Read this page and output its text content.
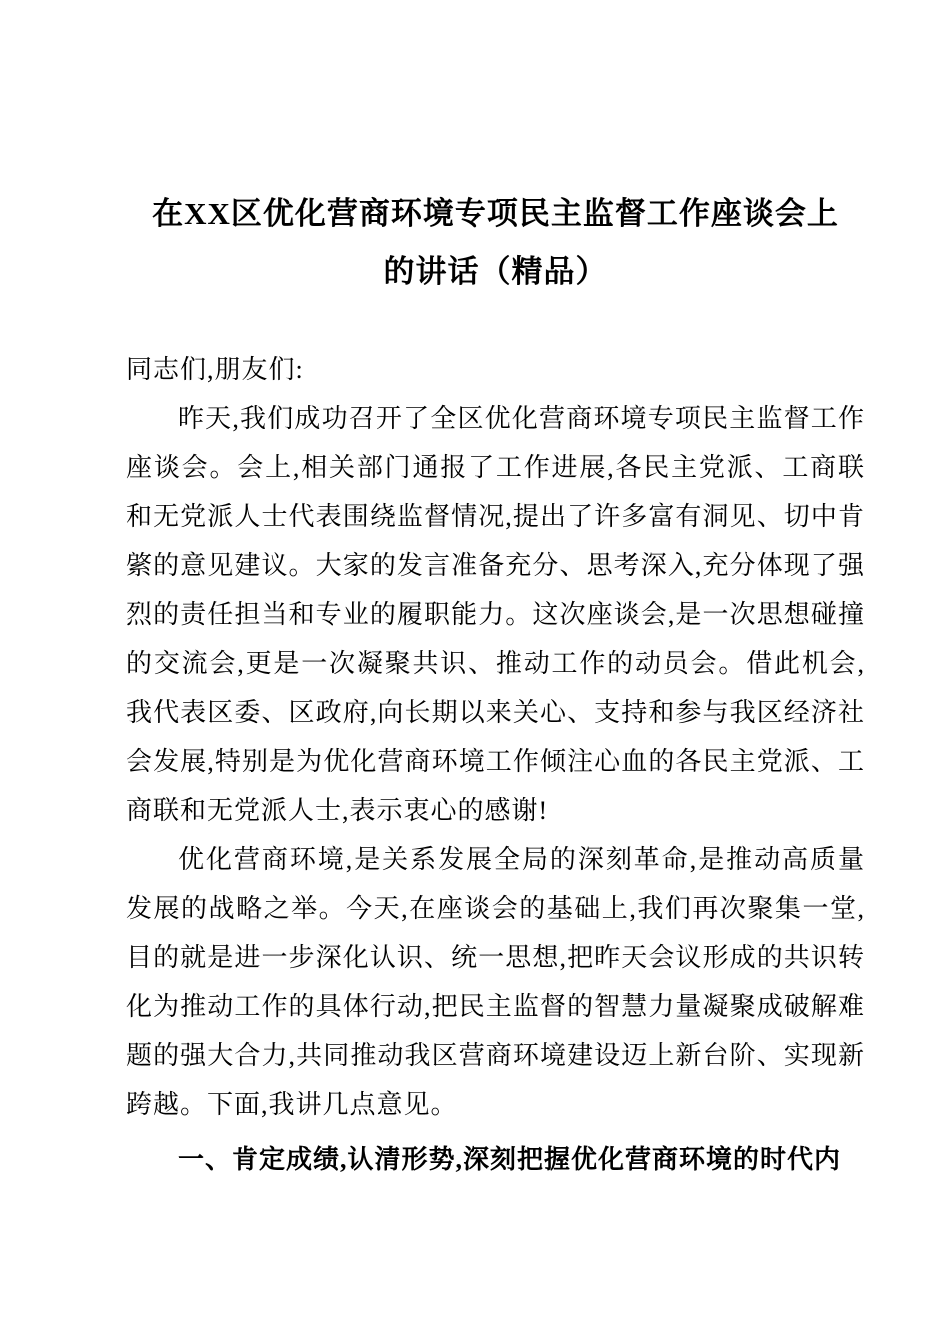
在XX区优化营商环境专项民主监督工作座谈会上
的讲话（精品）

同志们,朋友们:

昨天,我们成功召开了全区优化营商环境专项民主监督工作座谈会。会上,相关部门通报了工作进展,各民主党派、工商联和无党派人士代表围绕监督情况,提出了许多富有洞见、切中肯綮的意见建议。大家的发言准备充分、思考深入,充分体现了强烈的责任担当和专业的履职能力。这次座谈会,是一次思想碰撞的交流会,更是一次凝聚共识、推动工作的动员会。借此机会,我代表区委、区政府,向长期以来关心、支持和参与我区经济社会发展,特别是为优化营商环境工作倾注心血的各民主党派、工商联和无党派人士,表示衷心的感谢!

优化营商环境,是关系发展全局的深刻革命,是推动高质量发展的战略之举。今天,在座谈会的基础上,我们再次聚集一堂,目的就是进一步深化认识、统一思想,把昨天会议形成的共识转化为推动工作的具体行动,把民主监督的智慧力量凝聚成破解难题的强大合力,共同推动我区营商环境建设迈上新台阶、实现新跨越。下面,我讲几点意见。

一、肯定成绩,认清形势,深刻把握优化营商环境的时代内
